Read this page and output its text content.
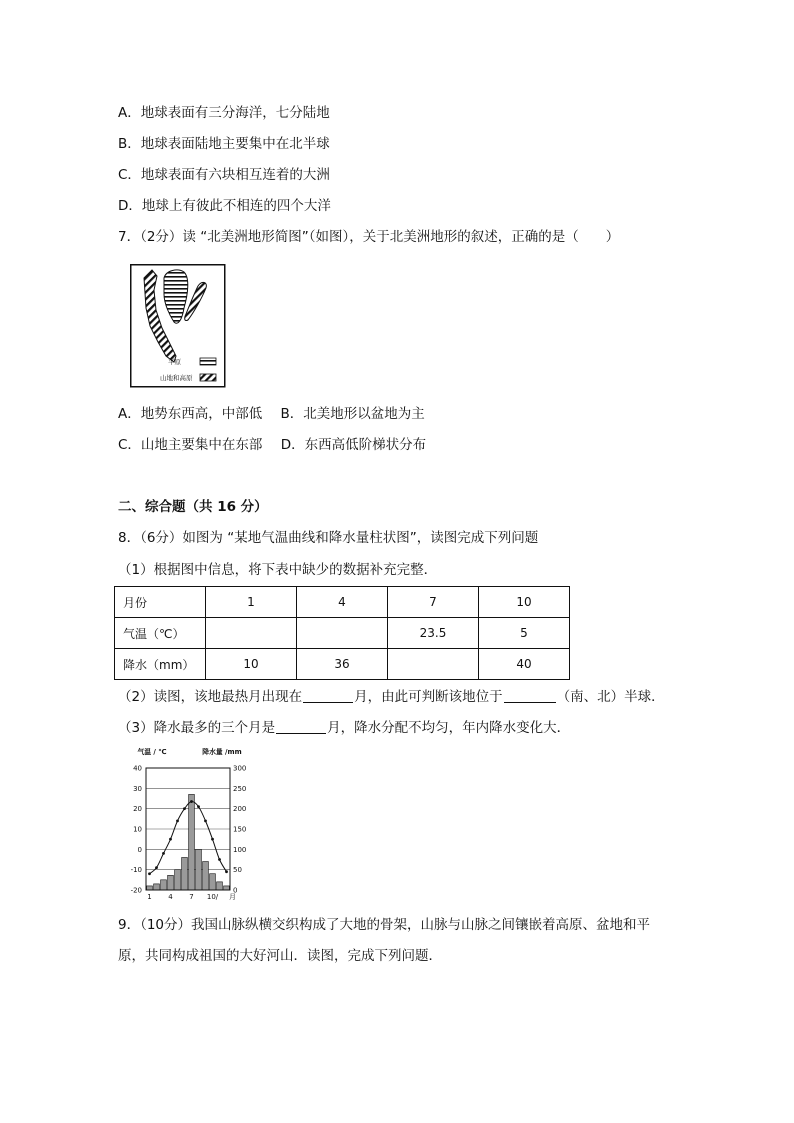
A．地球表面有三分海洋，七分陆地
B．地球表面陆地主要集中在北半球
C．地球表面有六块相互连着的大洲
D．地球上有彼此不相连的四个大洋
7．（2分）读 “北美洲地形简图”（如图），关于北美洲地形的叙述，正确的是（　　）
平原
山地和高原
A．地势东西高，中部低 B．北美地形以盆地为主
C．山地主要集中在东部 D．东西高低阶梯状分布
二、综合题（共 16 分）
8．（6分）如图为 “某地气温曲线和降水量柱状图”，读图完成下列问题
（1）根据图中信息，将下表中缺少的数据补充完整．
月份	1	4	7	10
气温（℃）			23.5	5
降水（mm）	10	36		40
（2）读图，该地最热月出现在	月，由此可判断该地位于	（南、北）半球．
（3）降水最多的三个月是	月，降水分配不均匀，年内降水变化大．
气温 / ℃	降水量 /mm
40	300
30	250
20	200
10	150
0	100
-10	50
-20	0
1 4 7 10/ 月
9．（10分）我国山脉纵横交织构成了大地的骨架，山脉与山脉之间镶嵌着高原、盆地和平
原，共同构成祖国的大好河山．读图，完成下列问题．
